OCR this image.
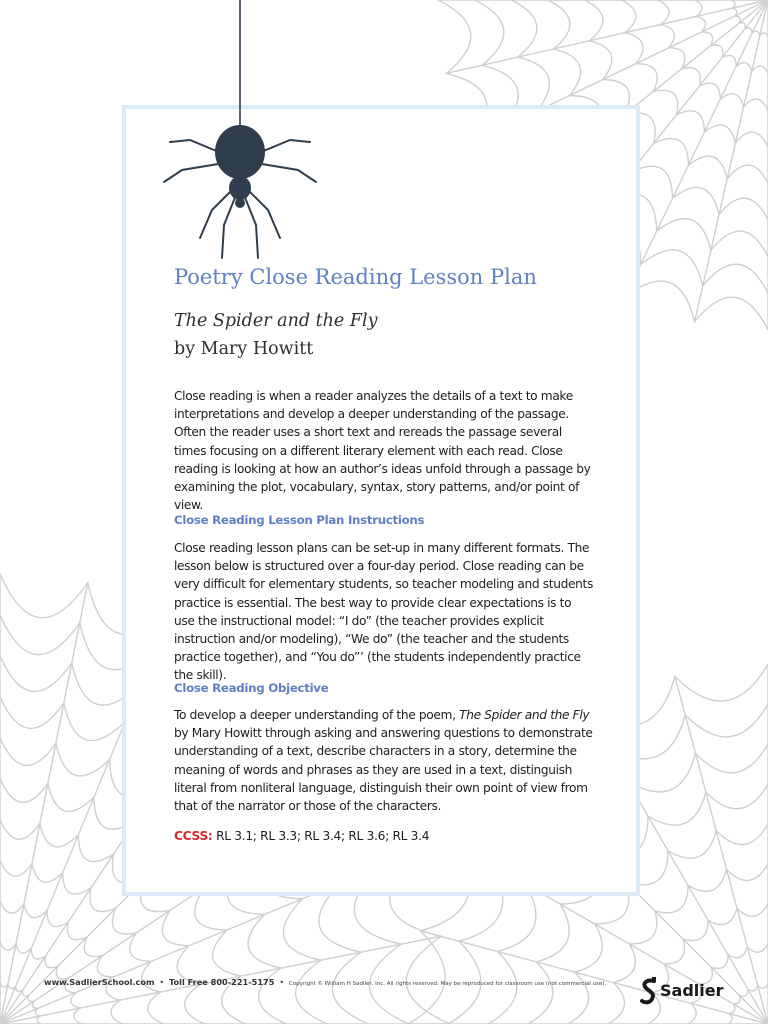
Poetry Close Reading Lesson Plan
The Spider and the Fly
by Mary Howitt

Close reading is when a reader analyzes the details of a text to make interpretations and develop a deeper understanding of the passage. Often the reader uses a short text and rereads the passage several times focusing on a different literary element with each read. Close reading is looking at how an author’s ideas unfold through a passage by examining the plot, vocabulary, syntax, story patterns, and/or point of view.

Close Reading Lesson Plan Instructions

Close reading lesson plans can be set-up in many different formats. The lesson below is structured over a four-day period. Close reading can be very difficult for elementary students, so teacher modeling and students practice is essential. The best way to provide clear expectations is to use the instructional model: “I do” (the teacher provides explicit instruction and/or modeling), “We do” (the teacher and the students practice together), and “You do”’ (the students independently practice the skill).

Close Reading Objective

To develop a deeper understanding of the poem, The Spider and the Fly by Mary Howitt through asking and answering questions to demonstrate understanding of a text, describe characters in a story, determine the meaning of words and phrases as they are used in a text, distinguish literal from nonliteral language, distinguish their own point of view from that of the narrator or those of the characters.

CCSS: RL 3.1; RL 3.3; RL 3.4; RL 3.6; RL 3.4

www.SadlierSchool.com • Toll Free 800-221-5175 • Copyright © William H Sadlier, Inc. All rights reserved. May be reproduced for classroom use (not commercial use).	Sadlier
